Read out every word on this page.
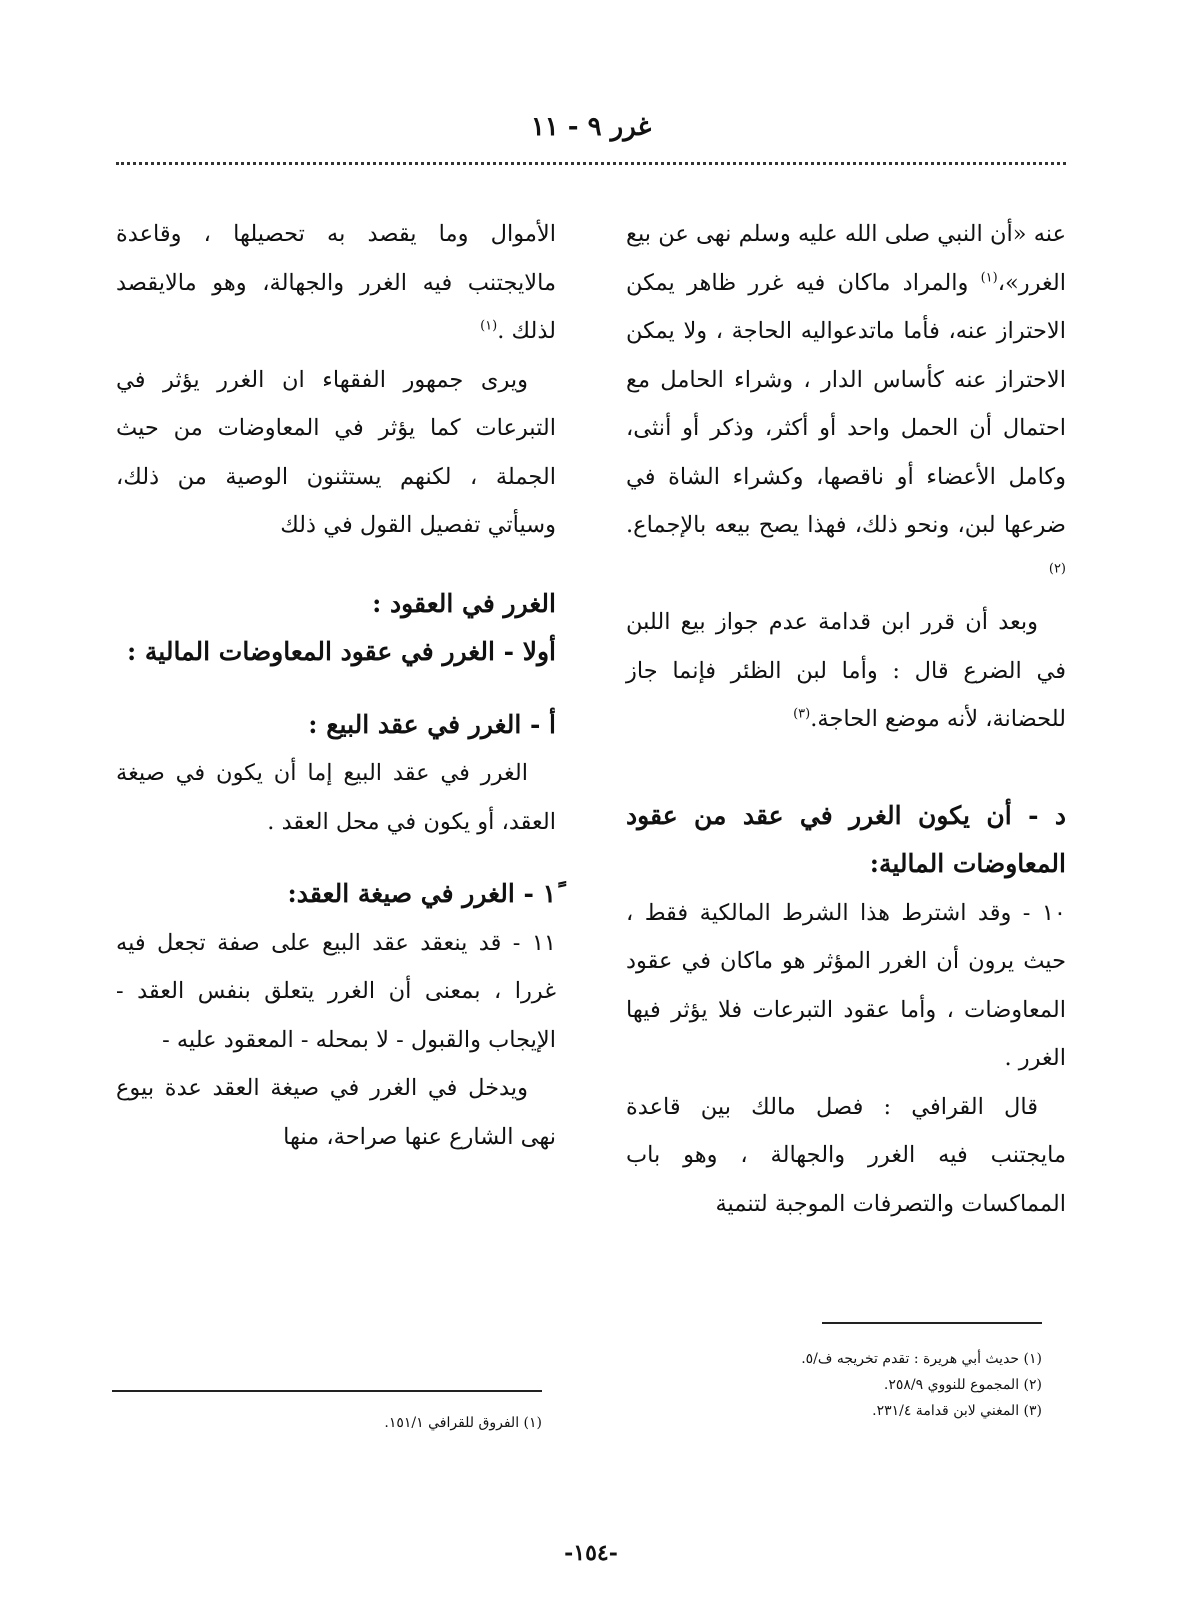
غرر ٩ - ١١

عنه «أن النبي صلى الله عليه وسلم نهى عن بيع الغرر»،$^{(١)}$ والمراد ماكان فيه غرر ظاهر يمكن الاحتراز عنه، فأما ماتدعواليه الحاجة ، ولا يمكن الاحتراز عنه كأساس الدار ، وشراء الحامل مع احتمال أن الحمل واحد أو أكثر، وذكر أو أنثى، وكامل الأعضاء أو ناقصها، وكشراء الشاة في ضرعها لبن، ونحو ذلك، فهذا يصح بيعه بالإجماع.$^{(٢)}$

وبعد أن قرر ابن قدامة عدم جواز بيع اللبن في الضرع قال : وأما لبن الظئر فإنما جاز للحضانة، لأنه موضع الحاجة.$^{(٣)}$

د - أن يكون الغرر في عقد من عقود المعاوضات المالية:

١٠ - وقد اشترط هذا الشرط المالكية فقط ، حيث يرون أن الغرر المؤثر هو ماكان في عقود المعاوضات ، وأما عقود التبرعات فلا يؤثر فيها الغرر .

قال القرافي : فصل مالك بين قاعدة مايجتنب فيه الغرر والجهالة ، وهو باب المماكسات والتصرفات الموجبة لتنمية

الأموال وما يقصد به تحصيلها ، وقاعدة مالايجتنب فيه الغرر والجهالة، وهو مالايقصد لذلك .$^{(١)}$

ويرى جمهور الفقهاء ان الغرر يؤثر في التبرعات كما يؤثر في المعاوضات من حيث الجملة ، لكنهم يستثنون الوصية من ذلك، وسيأتي تفصيل القول في ذلك

الغرر في العقود :

أولا - الغرر في عقود المعاوضات المالية :

أ - الغرر في عقد البيع :

الغرر في عقد البيع إما أن يكون في صيغة العقد، أو يكون في محل العقد .

١ً - الغرر في صيغة العقد:

١١ - قد ينعقد عقد البيع على صفة تجعل فيه غررا ، بمعنى أن الغرر يتعلق بنفس العقد - الإيجاب والقبول - لا بمحله - المعقود عليه -

ويدخل في الغرر في صيغة العقد عدة بيوع نهى الشارع عنها صراحة، منها

(١) حديث أبي هريرة : تقدم تخريجه ف/٥.
(٢) المجموع للنووي ٢٥٨/٩.
(٣) المغني لابن قدامة ٢٣١/٤.
(١) الفروق للقرافي ١٥١/١.
-١٥٤-
